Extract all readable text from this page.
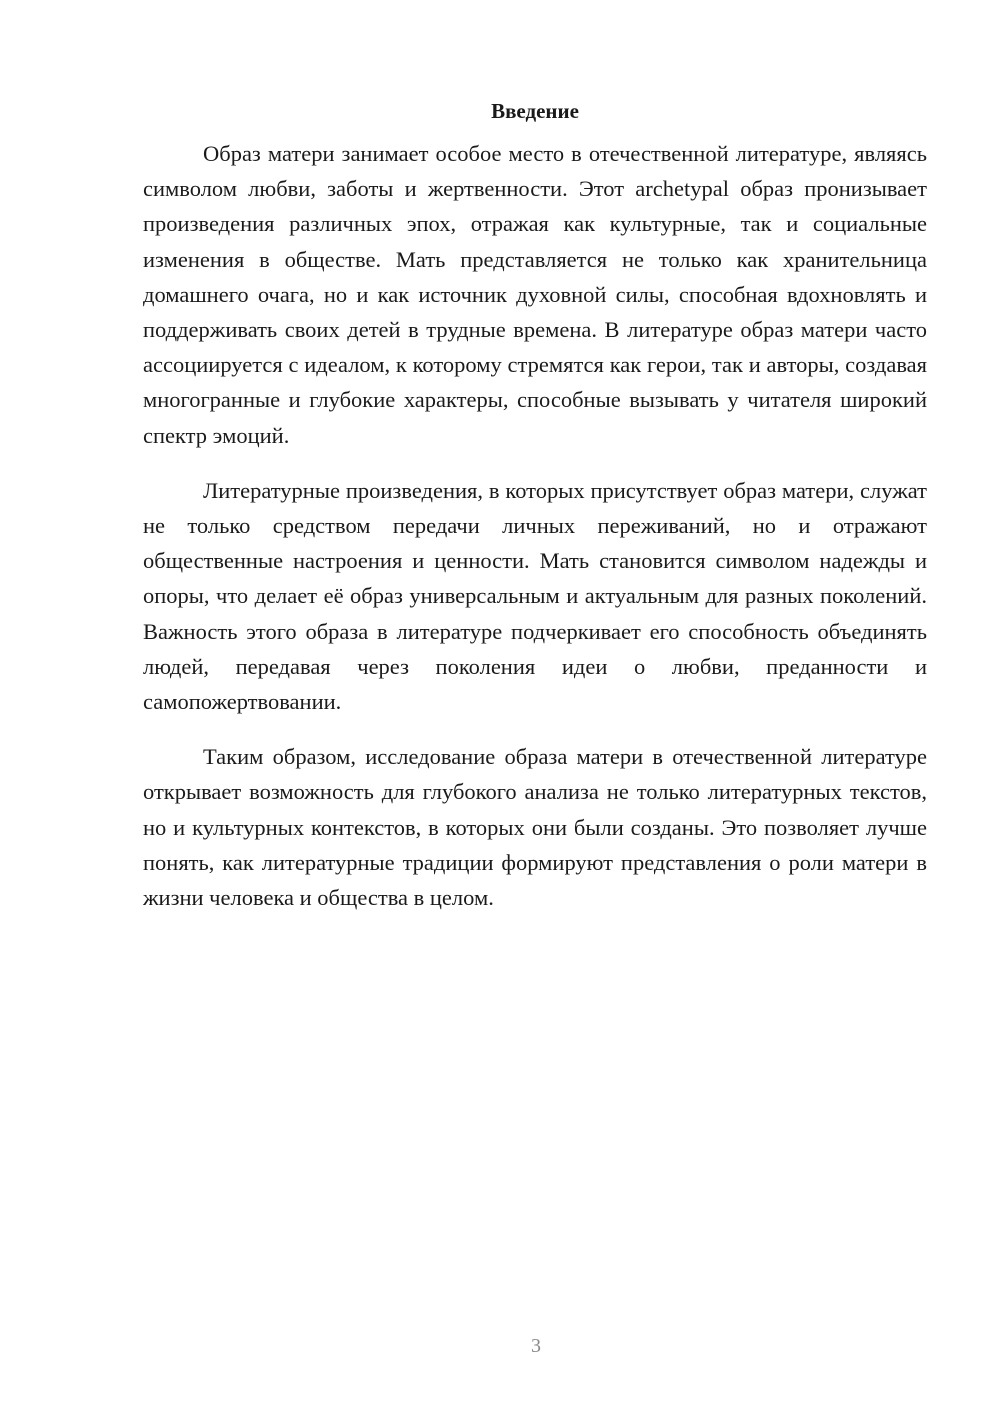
Введение

Образ матери занимает особое место в отечественной литературе, являясь символом любви, заботы и жертвенности. Этот archetypal образ пронизывает произведения различных эпох, отражая как культурные, так и социальные изменения в обществе. Мать представляется не только как хранительница домашнего очага, но и как источник духовной силы, способная вдохновлять и поддерживать своих детей в трудные времена. В литературе образ матери часто ассоциируется с идеалом, к которому стремятся как герои, так и авторы, создавая многогранные и глубокие характеры, способные вызывать у читателя широкий спектр эмоций.

Литературные произведения, в которых присутствует образ матери, служат не только средством передачи личных переживаний, но и отражают общественные настроения и ценности. Мать становится символом надежды и опоры, что делает её образ универсальным и актуальным для разных поколений. Важность этого образа в литературе подчеркивает его способность объединять людей, передавая через поколения идеи о любви, преданности и самопожертвовании.

Таким образом, исследование образа матери в отечественной литературе открывает возможность для глубокого анализа не только литературных текстов, но и культурных контекстов, в которых они были созданы. Это позволяет лучше понять, как литературные традиции формируют представления о роли матери в жизни человека и общества в целом.

3
